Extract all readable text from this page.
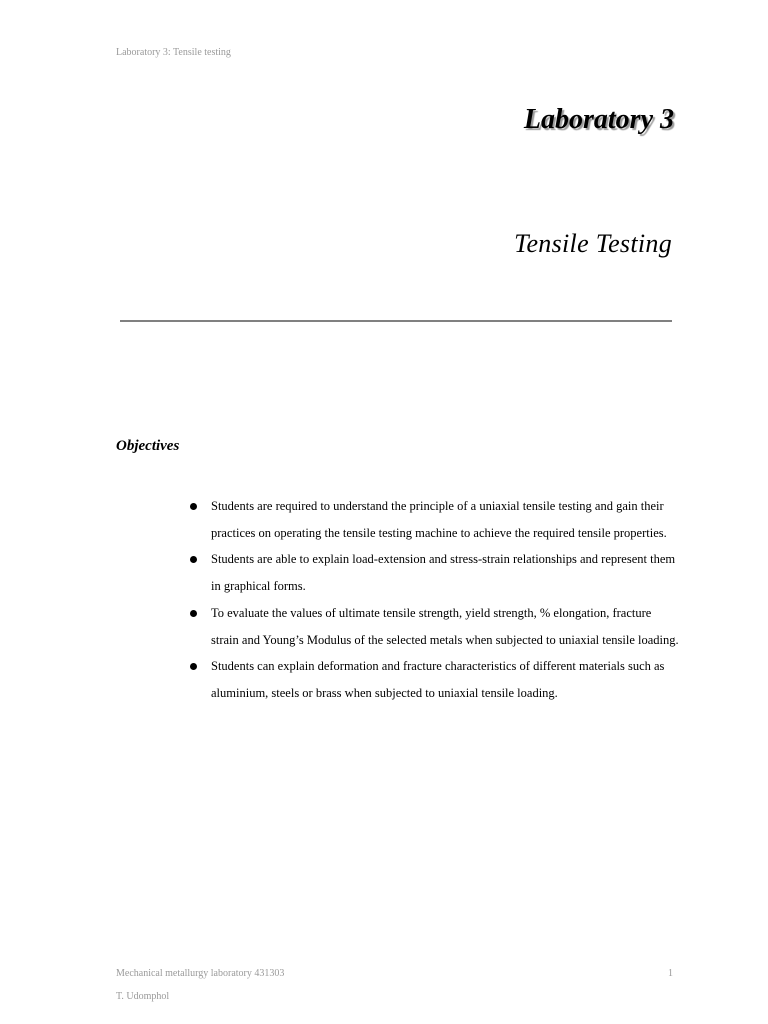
Laboratory 3: Tensile testing
Laboratory 3
Tensile Testing
Objectives
Students are required to understand the principle of a uniaxial tensile testing and gain their practices on operating the tensile testing machine to achieve the required tensile properties.
Students are able to explain load-extension and stress-strain relationships and represent them in graphical forms.
To evaluate the values of ultimate tensile strength, yield strength, % elongation, fracture strain and Young’s Modulus of the selected metals when subjected to uniaxial tensile loading.
Students can explain deformation and fracture characteristics of different materials such as aluminium, steels or brass when subjected to uniaxial tensile loading.
Mechanical metallurgy laboratory 431303
T. Udomphol
1
